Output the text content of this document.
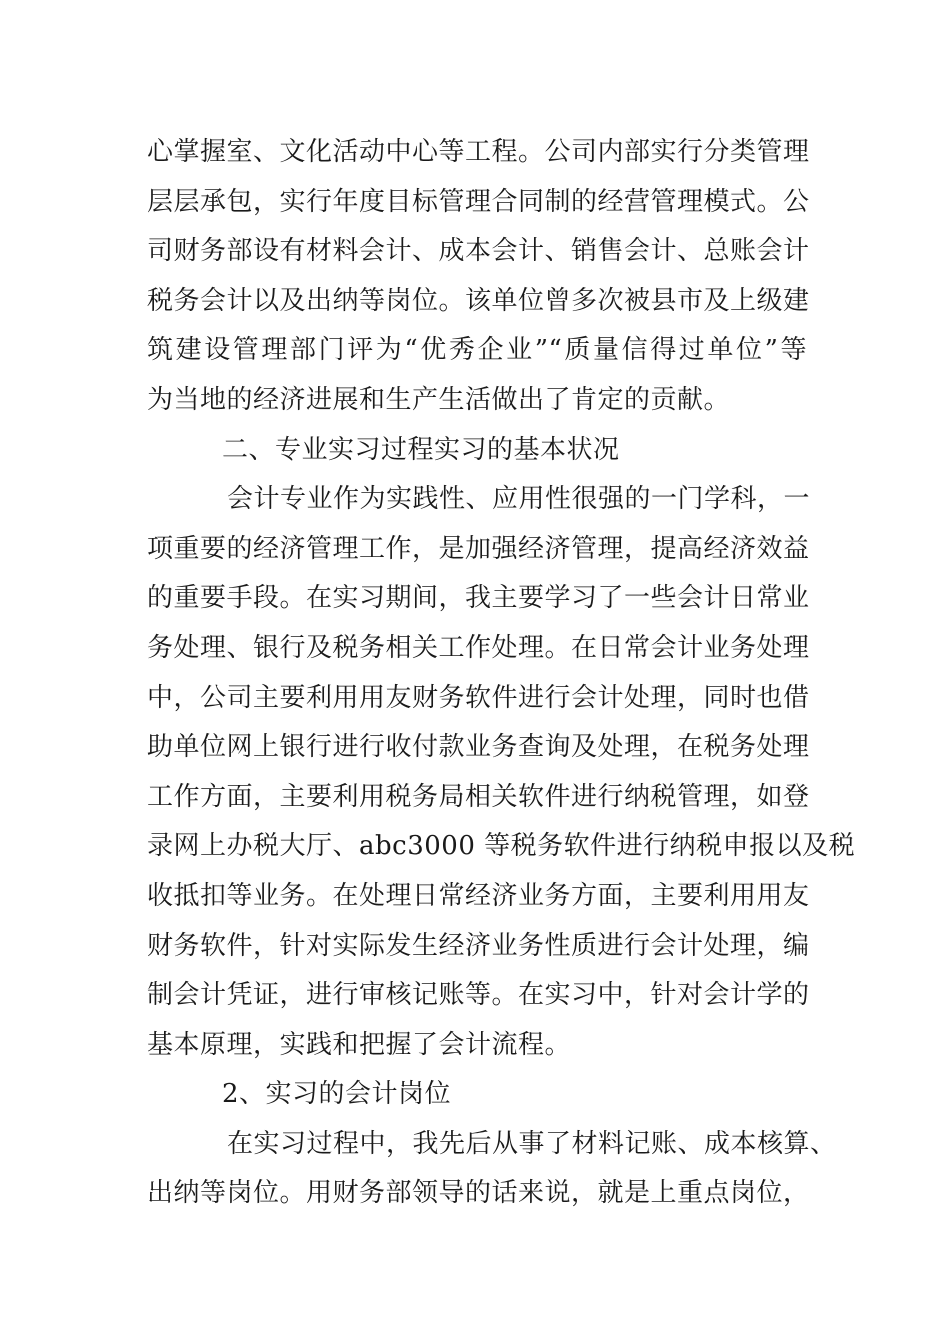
心掌握室、文化活动中心等工程。公司内部实行分类管理
层层承包，实行年度目标管理合同制的经营管理模式。公
司财务部设有材料会计、成本会计、销售会计、总账会计
税务会计以及出纳等岗位。该单位曾多次被县市及上级建
筑建设管理部门评为“优秀企业”“质量信得过单位”等
为当地的经济进展和生产生活做出了肯定的贡献。
二、专业实习过程实习的基本状况
会计专业作为实践性、应用性很强的一门学科，一
项重要的经济管理工作，是加强经济管理，提高经济效益
的重要手段。在实习期间，我主要学习了一些会计日常业
务处理、银行及税务相关工作处理。在日常会计业务处理
中，公司主要利用用友财务软件进行会计处理，同时也借
助单位网上银行进行收付款业务查询及处理，在税务处理
工作方面，主要利用税务局相关软件进行纳税管理，如登
录网上办税大厅、abc3000 等税务软件进行纳税申报以及税
收抵扣等业务。在处理日常经济业务方面，主要利用用友
财务软件，针对实际发生经济业务性质进行会计处理，编
制会计凭证，进行审核记账等。在实习中，针对会计学的
基本原理，实践和把握了会计流程。
2、实习的会计岗位
在实习过程中，我先后从事了材料记账、成本核算、
出纳等岗位。用财务部领导的话来说，就是上重点岗位，
